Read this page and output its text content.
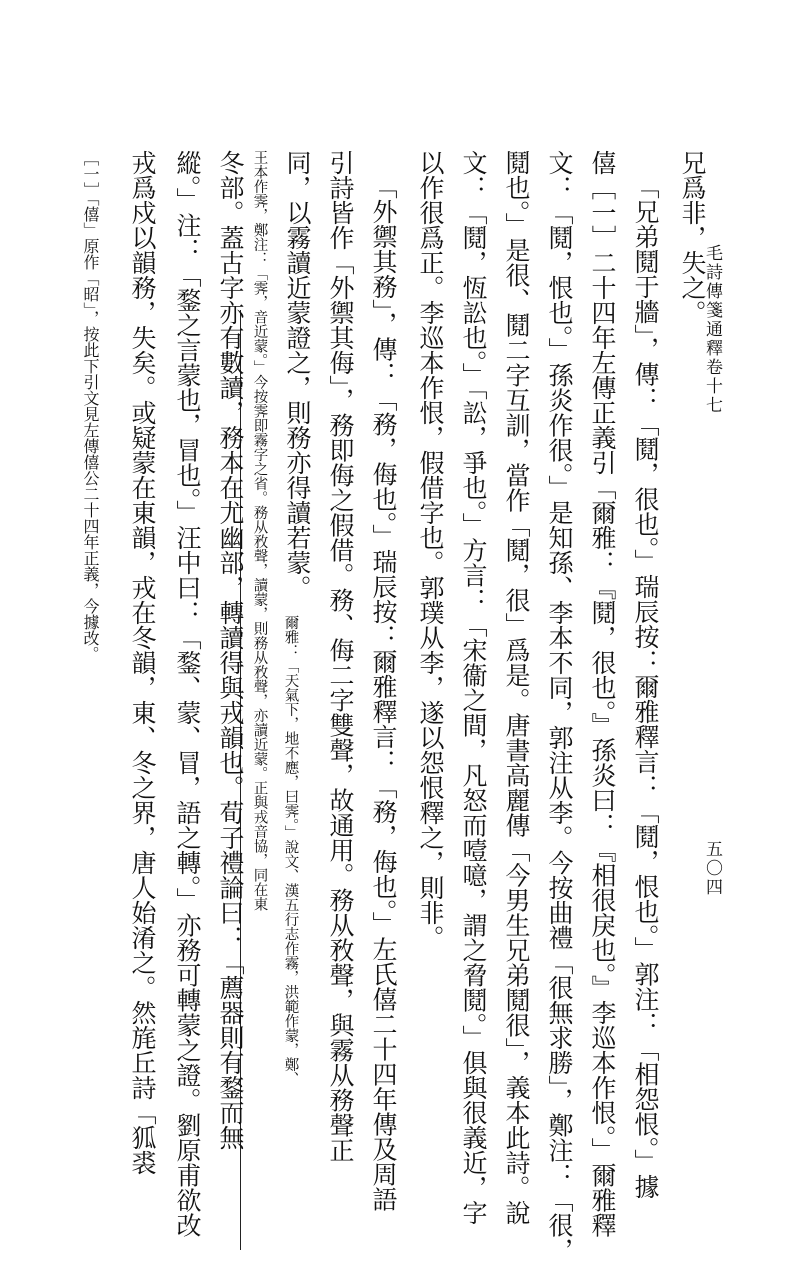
毛詩傳箋通釋卷十七
五〇四
兄爲非，失之。
「兄弟鬩于牆」，傳：「鬩，很也。」瑞辰按：爾雅釋言：「鬩，恨也。」郭注：「相怨恨。」據
僖［一］二十四年左傳正義引「爾雅：『鬩，很也。』孫炎曰：『相很戾也。』李巡本作恨。」爾雅釋
文：「鬩，恨也。」孫炎作很。」是知孫、李本不同，郭注从李。今按曲禮「很無求勝」，鄭注：「很，
鬩也。」是很、鬩二字互訓，當作「鬩，很」爲是。唐書高麗傳「今男生兄弟鬩很」，義本此詩。說
文：「鬩，恆訟也。」「訟，爭也。」方言：「宋衞之間，凡怒而噎噫，謂之脅鬩。」俱與很義近，字
以作很爲正。李巡本作恨，假借字也。郭璞从李，遂以怨恨釋之，則非。
「外禦其務」，傳：「務，侮也。」瑞辰按：爾雅釋言：「務，侮也。」左氏僖二十四年傳及周語
引詩皆作「外禦其侮」，務即侮之假借。務、侮二字雙聲，故通用。務从敄聲，與霧从務聲正
同，以霧讀近蒙證之，則務亦得讀若蒙。
王本作霁，鄭注：「霁，音近蒙。」今按霁即霧字之省。務从敄聲，讀蒙，則務从敄聲，亦讀近蒙。正與戎音協，同在東
冬部。蓋古字亦有數讀，務本在尤幽部，轉讀得與戎韻也。荀子禮論曰：「薦器則有鍪而無
縱。」注：「鍪之言蒙也，冒也。」汪中曰：「鍪、蒙、冒，語之轉。」亦務可轉蒙之證。劉原甫欲改
戎爲戍以韻務，失矣。或疑蒙在東韻，戎在冬韻，東、冬之界，唐人始淆之。然旄丘詩「狐裘
［一］「僖」原作「昭」，按此下引文見左傳僖公二十四年正義，今據改。
爾雅：「天氣下，地不應，曰霁。」說文、漢五行志作霧，洪範作蒙，鄭、
